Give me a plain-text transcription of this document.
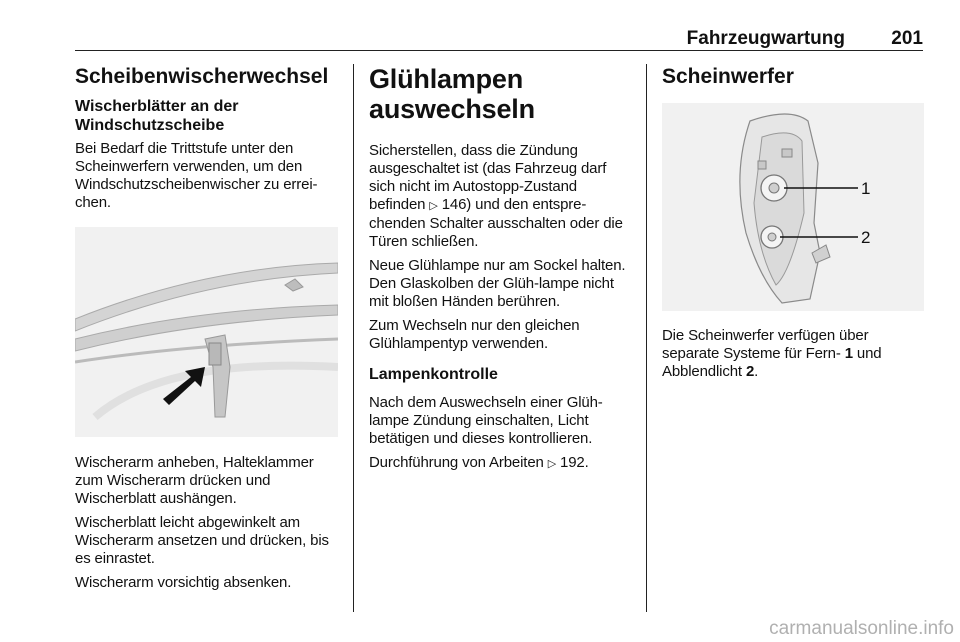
Fahrzeugwartung 201
Scheibenwischerwechsel
Wischerblätter an der Windschutzscheibe

Bei Bedarf die Trittstufe unter den Scheinwerfern verwenden, um den Windschutzscheibenwischer zu errei-chen.

Wischerarm anheben, Halteklammer zum Wischerarm drücken und Wischerblatt aushängen.

Wischerblatt leicht abgewinkelt am Wischerarm ansetzen und drücken, bis es einrastet.

Wischerarm vorsichtig absenken.

Glühlampen auswechseln

Sicherstellen, dass die Zündung ausgeschaltet ist (das Fahrzeug darf sich nicht im Autostopp-Zustand befinden ▷ 146) und den entspre-chenden Schalter ausschalten oder die Türen schließen.

Neue Glühlampe nur am Sockel halten. Den Glaskolben der Glüh-lampe nicht mit bloßen Händen berühren.

Zum Wechseln nur den gleichen Glühlampentyp verwenden.

Lampenkontrolle

Nach dem Auswechseln einer Glüh-lampe Zündung einschalten, Licht betätigen und dieses kontrollieren.

Durchführung von Arbeiten ▷ 192.

Scheinwerfer
1
2

Die Scheinwerfer verfügen über separate Systeme für Fern- 1 und Abblendlicht 2.

carmanualsonline.info
